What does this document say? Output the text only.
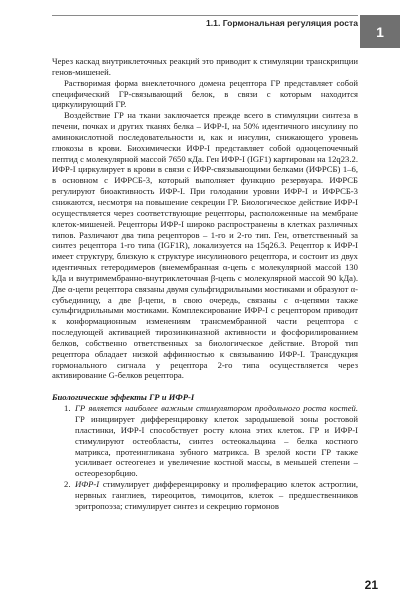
1.1. Гормональная регуляция роста
1

Через каскад внутриклеточных реакций это приводит к стимуляции транскрипции генов-мишеней.

Растворимая форма внеклеточного домена рецептора ГР представляет собой специфический ГР-связывающий белок, в связи с которым находится циркулирующий ГР.

Воздействие ГР на ткани заключается прежде всего в стимуляции синтеза в печени, почках и других тканях белка – ИФР-I, на 50% идентичного инсулину по аминокислотной последовательности и, как и инсулин, снижающего уровень глюкозы в крови. Биохимически ИФР-I представляет собой одноцепочечный пептид с молекулярной массой 7650 кДа. Ген ИФР-I (IGF1) картирован на 12q23.2. ИФР-I циркулирует в крови в связи с ИФР-связывающими белками (ИФРСБ) 1–6, в основном с ИФРСБ-3, который выполняет функцию резервуара. ИФРСБ регулируют биоактивность ИФР-I. При голодании уровни ИФР-I и ИФРСБ-3 снижаются, несмотря на повышение секреции ГР. Биологическое действие ИФР-I осуществляется через соответствующие рецепторы, расположенные на мембране клеток-мишеней. Рецепторы ИФР-I широко распространены в клетках различных типов. Различают два типа рецепторов – 1-го и 2-го тип. Ген, ответственный за синтез рецептора 1-го типа (IGF1R), локализуется на 15q26.3. Рецептор к ИФР-I имеет структуру, близкую к структуре инсулинового рецептора, и состоит из двух идентичных гетеродимеров (внемембранная α-цепь с молекулярной массой 130 kДа и внутримембранно-внутриклеточная β-цепь с молекулярной массой 90 kДа). Две α-цепи рецептора связаны двумя сульфгидрильными мостиками и образуют α-субъединицу, а две β-цепи, в свою очередь, связаны с α-цепями также сульфгидрильными мостиками. Комплексирование ИФР-I с рецептором приводит к конформационным изменениям трансмембранной части рецептора с последующей активацией тирозинкиназной активности и фосфорилированием белков, собственно ответственных за биологическое действие. Второй тип рецептора обладает низкой аффинностью к связыванию ИФР-I. Трансдукция гормонального сигнала у рецептора 2-го типа осуществляется через активирование G-белков рецептора.

Биологические эффекты ГР и ИФР-I
1. ГР является наиболее важным стимулятором продольного роста костей. ГР инициирует дифференцировку клеток зародышевой зоны ростовой пластинки, ИФР-I способствует росту клона этих клеток. ГР и ИФР-I стимулируют остеобласты, синтез остеокальцина – белка костного матрикса, протеингликана зубного матрикса. В зрелой кости ГР также усиливает остеогенез и увеличение костной массы, в меньшей степени – остеорезорбцию.
2. ИФР-I стимулирует дифференцировку и пролиферацию клеток астроглии, нервных ганглиев, тиреоцитов, тимоцитов, клеток – предшественников эритропоэза; стимулирует синтез и секрецию гормонов
21
